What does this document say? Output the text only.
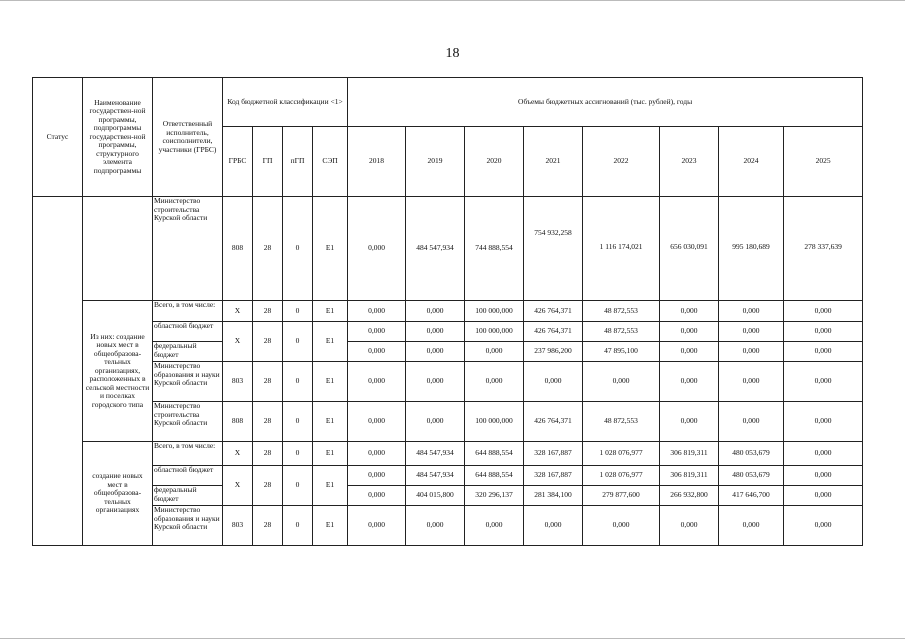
18
Статус	Наименование государствен-ной программы, подпрограммы государствен-ной программы, структурного элемента подпрограммы	Ответственный исполнитель, соисполнители, участники (ГРБС)	Код бюджетной классификации <1>				Объемы бюджетных ассигнований (тыс. рублей), годы							
			ГРБС	ГП	пГП	СЭП	2018	2019	2020	2021	2022	2023	2024	2025
		Министерство строительства Курской области	808	28	0	Е1	0,000	484 547,934	744 888,554	754 932,258	1 116 174,021	656 030,091	995 180,689	278 337,639
	Из них: создание новых мест в общеобразова-тельных организациях, расположенных в сельской местности и поселках городского типа	Всего, в том числе:	Х	28	0	Е1	0,000	0,000	100 000,000	426 764,371	48 872,553	0,000	0,000	0,000
		областной бюджет	Х	28	0	Е1	0,000	0,000	100 000,000	426 764,371	48 872,553	0,000	0,000	0,000
		федеральный бюджет					0,000	0,000	0,000	237 986,200	47 895,100	0,000	0,000	0,000
		Министерство образования и науки Курской области	803	28	0	Е1	0,000	0,000	0,000	0,000	0,000	0,000	0,000	0,000
		Министерство строительства Курской области	808	28	0	Е1	0,000	0,000	100 000,000	426 764,371	48 872,553	0,000	0,000	0,000
	создание новых мест в общеобразова-тельных организациях	Всего, в том числе:	Х	28	0	Е1	0,000	484 547,934	644 888,554	328 167,887	1 028 076,977	306 819,311	480 053,679	0,000
		областной бюджет	Х	28	0	Е1	0,000	484 547,934	644 888,554	328 167,887	1 028 076,977	306 819,311	480 053,679	0,000
		федеральный бюджет					0,000	404 015,800	320 296,137	281 384,100	279 877,600	266 932,800	417 646,700	0,000
		Министерство образования и науки Курской области	803	28	0	Е1	0,000	0,000	0,000	0,000	0,000	0,000	0,000	0,000
